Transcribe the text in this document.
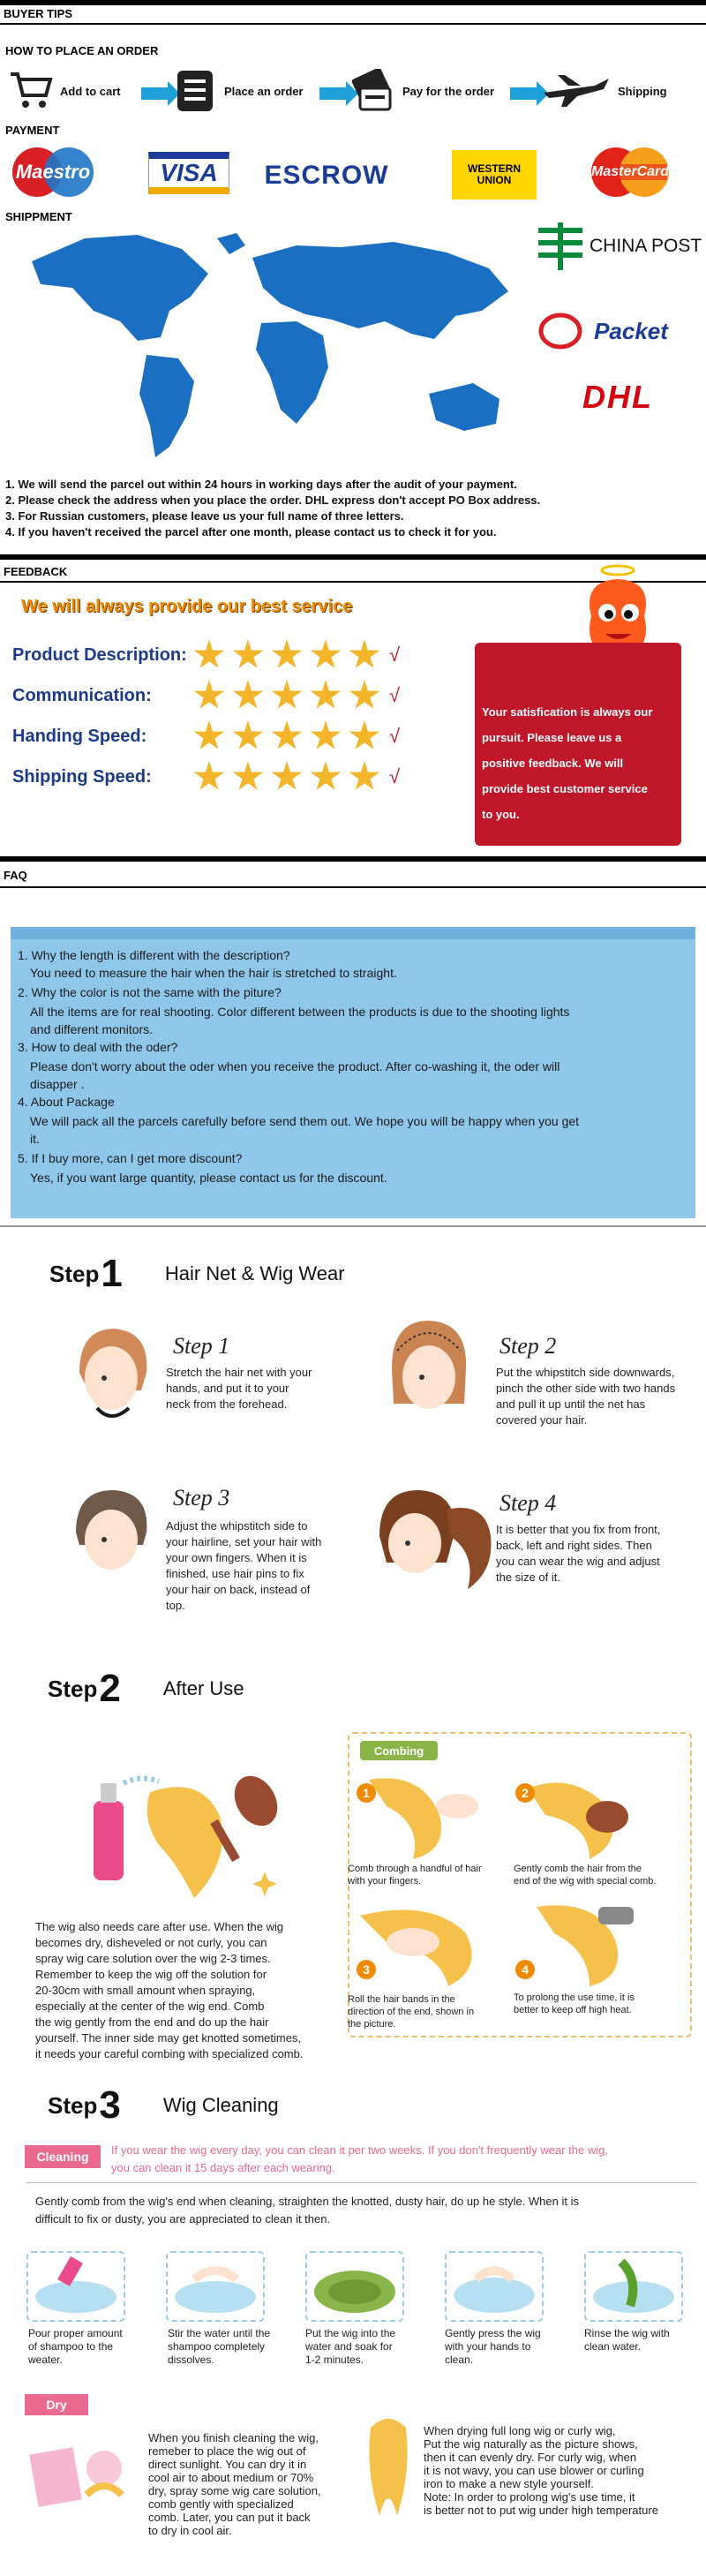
BUYER TIPS
HOW TO PLACE AN ORDER
Add to cart	Place an order	Pay for the order	Shipping
PAYMENT
Maestro	VISA	ESCROW	WESTERN UNION
MasterCard
SHIPPMENT
CHINA POST
Packet
DHL
1. We will send the parcel out within 24 hours in working days after the audit of your payment.
2. Please check the address when you place the order. DHL express don't accept PO Box address.
3. For Russian customers, please leave us your full name of three letters.
4. If you haven't received the parcel after one month, please contact us to check it for you.
FEEDBACK
We will always provide our best service
Product Description:	√
Communication:	√
Handing Speed:	√
Shipping Speed:	√
Your satisfication is always our
pursuit. Please leave us a
positive feedback. We will
provide best customer service
to you.
FAQ
1. Why the length is different with the description?
You need to measure the hair when the hair is stretched to straight.
2. Why the color is not the same with the piture?
All the items are for real shooting. Color different between the products is due to the shooting lights
and different monitors.
3. How to deal with the oder?
Please don't worry about the oder when you receive the product. After co-washing it, the oder will
disapper .
4. About Package
We will pack all the parcels carefully before send them out. We hope you will be happy when you get
it.
5. If I buy more, can I get more discount?
Yes, if you want large quantity, please contact us for the discount.
Step 1 Hair Net & Wig Wear
Step 1
Stretch the hair net with your
hands, and put it to your
neck from the forehead.
Step 2
Put the whipstitch side downwards,
pinch the other side with two hands
and pull it up until the net has
covered your hair.
Step 3
Adjust the whipstitch side to
your hairline, set your hair with
your own fingers. When it is
finished, use hair pins to fix
your hair on back, instead of
top.
Step 4
It is better that you fix from front,
back, left and right sides. Then
you can wear the wig and adjust
the size of it.
Step 2 After Use
The wig also needs care after use. When the wig
becomes dry, disheveled or not curly, you can
spray wig care solution over the wig 2-3 times.
Remember to keep the wig off the solution for
20-30cm with small amount when spraying,
especially at the center of the wig end. Comb
the wig gently from the end and do up the hair
yourself. The inner side may get knotted sometimes,
it needs your careful combing with specialized comb.
Combing
1
Comb through a handful of hair
with your fingers.
2
Gently comb the hair from the
end of the wig with special comb.
3
Roll the hair bands in the
direction of the end, shown in
the picture.
4
To prolong the use time, it is
better to keep off high heat.
Step 3 Wig Cleaning
Cleaning	If you wear the wig every day, you can clean it per two weeks. If you don't frequently wear the wig,
you can clean it 15 days after each wearing.
Gently comb from the wig's end when cleaning, straighten the knotted, dusty hair, do up he style. When it is
difficult to fix or dusty, you are appreciated to clean it then.
Pour proper amount
of shampoo to the
weater.
Stir the water until the
shampoo completely
dissolves.
Put the wig into the
water and soak for
1-2 minutes.
Gently press the wig
with your hands to
clean.
Rinse the wig with
clean water.
Dry
When you finish cleaning the wig,
remeber to place the wig out of
direct sunlight. You can dry it in
cool air to about medium or 70%
dry, spray some wig care solution,
comb gently with specialized
comb. Later, you can put it back
to dry in cool air.
When drying full long wig or curly wig,
Put the wig naturally as the picture shows,
then it can evenly dry. For curly wig, when
it is not wavy, you can use blower or curling
iron to make a new style yourself.
Note: In order to prolong wig's use time, it
is better not to put wig under high temperature
